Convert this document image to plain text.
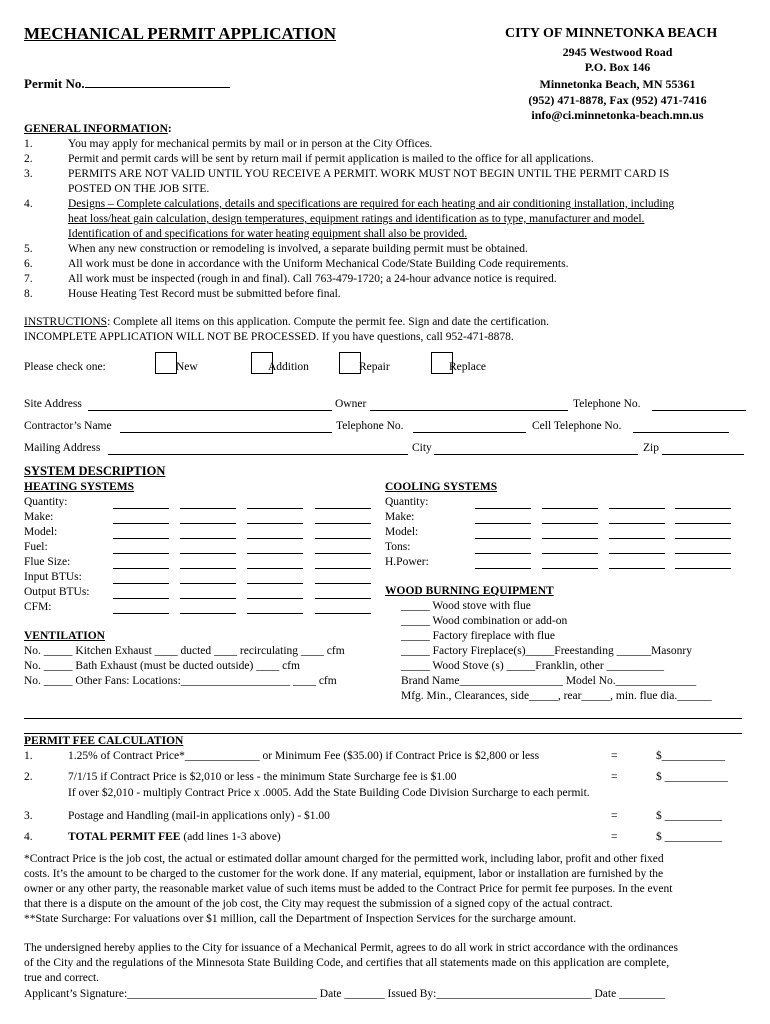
MECHANICAL PERMIT APPLICATION
Permit No.
CITY OF MINNETONKA BEACH
2945 Westwood Road
P.O. Box 146
Minnetonka Beach, MN 55361
(952) 471-8878, Fax (952) 471-7416
info@ci.minnetonka-beach.mn.us
GENERAL INFORMATION:
1.	You may apply for mechanical permits by mail or in person at the City Offices.
2.	Permit and permit cards will be sent by return mail if permit application is mailed to the office for all applications.
3.	PERMITS ARE NOT VALID UNTIL YOU RECEIVE A PERMIT. WORK MUST NOT BEGIN UNTIL THE PERMIT CARD IS
POSTED ON THE JOB SITE.
4.	Designs – Complete calculations, details and specifications are required for each heating and air conditioning installation, including
heat loss/heat gain calculation, design temperatures, equipment ratings and identification as to type, manufacturer and model.
Identification of and specifications for water heating equipment shall also be provided.
5.	When any new construction or remodeling is involved, a separate building permit must be obtained.
6.	All work must be done in accordance with the Uniform Mechanical Code/State Building Code requirements.
7.	All work must be inspected (rough in and final). Call 763-479-1720; a 24-hour advance notice is required.
8.	House Heating Test Record must be submitted before final.
INSTRUCTIONS: Complete all items on this application. Compute the permit fee. Sign and date the certification.
INCOMPLETE APPLICATION WILL NOT BE PROCESSED. If you have questions, call 952-471-8878.
Please check one:	New	Addition	Repair	Replace
Site Address	Owner	Telephone No.
Contractor’s Name	Telephone No.	Cell Telephone No.
Mailing Address	City	Zip
SYSTEM DESCRIPTION
HEATING SYSTEMS	COOLING SYSTEMS
Quantity:
Make:
Model:
Fuel:
Flue Size:
Input BTUs:
Output BTUs:
CFM:
Quantity:
Make:
Model:
Tons:
H.Power:
WOOD BURNING EQUIPMENT
_____ Wood stove with flue
_____ Wood combination or add-on
_____ Factory fireplace with flue
_____ Factory Fireplace(s)_____Freestanding ______Masonry
_____ Wood Stove (s) _____Franklin, other __________
Brand Name__________________ Model No.______________
Mfg. Min., Clearances, side_____, rear_____, min. flue dia.______
VENTILATION
No. _____ Kitchen Exhaust ____ ducted ____ recirculating ____ cfm
No. _____ Bath Exhaust (must be ducted outside) ____ cfm
No. _____ Other Fans: Locations:___________________ ____ cfm
PERMIT FEE CALCULATION
1.	1.25% of Contract Price*_____________ or Minimum Fee ($35.00) if Contract Price is $2,800 or less	=	$___________
2.	7/1/15 if Contract Price is $2,010 or less - the minimum State Surcharge fee is $1.00	=	$ ___________
If over $2,010 - multiply Contract Price x .0005. Add the State Building Code Division Surcharge to each permit.
3.	Postage and Handling (mail-in applications only) - $1.00	=	$ __________
4.	TOTAL PERMIT FEE (add lines 1-3 above)	=	$ __________
*Contract Price is the job cost, the actual or estimated dollar amount charged for the permitted work, including labor, profit and other fixed
costs. It’s the amount to be charged to the customer for the work done. If any material, equipment, labor or installation are furnished by the
owner or any other party, the reasonable market value of such items must be added to the Contract Price for permit fee purposes. In the event
that there is a dispute on the amount of the job cost, the City may request the submission of a signed copy of the actual contract.
**State Surcharge: For valuations over $1 million, call the Department of Inspection Services for the surcharge amount.
The undersigned hereby applies to the City for issuance of a Mechanical Permit, agrees to do all work in strict accordance with the ordinances
of the City and the regulations of the Minnesota State Building Code, and certifies that all statements made on this application are complete,
true and correct.
Applicant’s Signature:_________________________________ Date _______ Issued By:___________________________ Date ________
